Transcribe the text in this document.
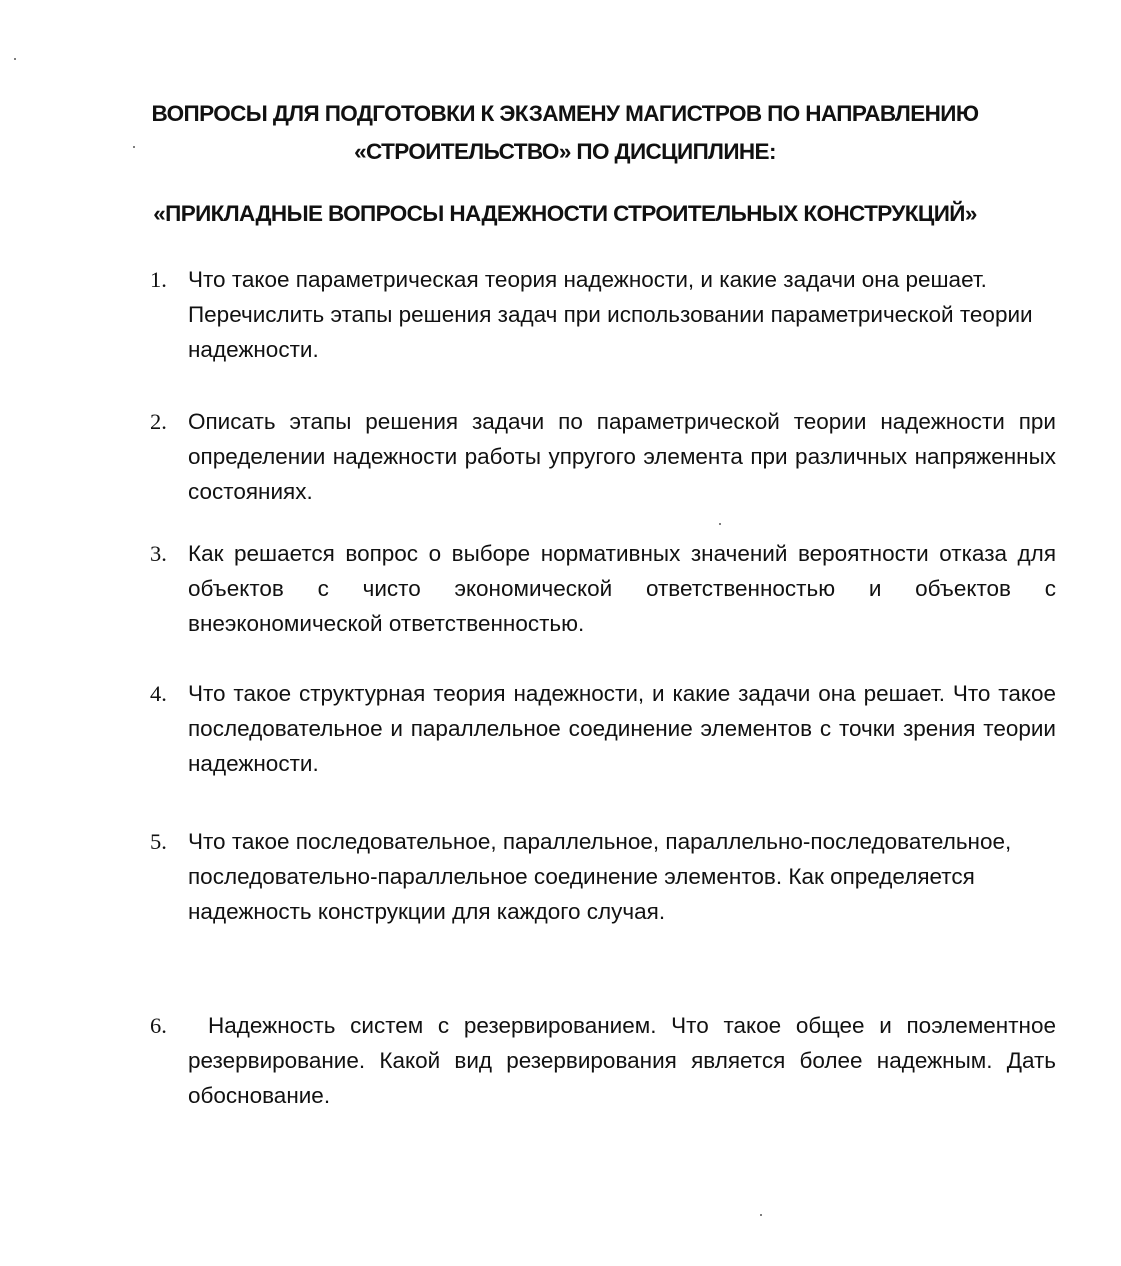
ВОПРОСЫ ДЛЯ ПОДГОТОВКИ К ЭКЗАМЕНУ МАГИСТРОВ ПО НАПРАВЛЕНИЮ
«СТРОИТЕЛЬСТВО» ПО ДИСЦИПЛИНЕ:
«ПРИКЛАДНЫЕ ВОПРОСЫ НАДЕЖНОСТИ СТРОИТЕЛЬНЫХ КОНСТРУКЦИЙ»
1. Что такое параметрическая теория надежности, и какие задачи она решает. Перечислить этапы решения задач при использовании параметрической теории надежности.
2. Описать этапы решения задачи по параметрической теории надежности при определении надежности работы упругого элемента при различных напряженных состояниях.
3. Как решается вопрос о выборе нормативных значений вероятности отказа для объектов с чисто экономической ответственностью и объектов с внеэкономической ответственностью.
4. Что такое структурная теория надежности, и какие задачи она решает. Что такое последовательное и параллельное соединение элементов с точки зрения теории надежности.
5. Что такое последовательное, параллельное, параллельно-последовательное, последовательно-параллельное соединение элементов. Как определяется надежность конструкции для каждого случая.
6.	Надежность систем с резервированием. Что такое общее и поэлементное резервирование. Какой вид резервирования является более надежным. Дать обоснование.
